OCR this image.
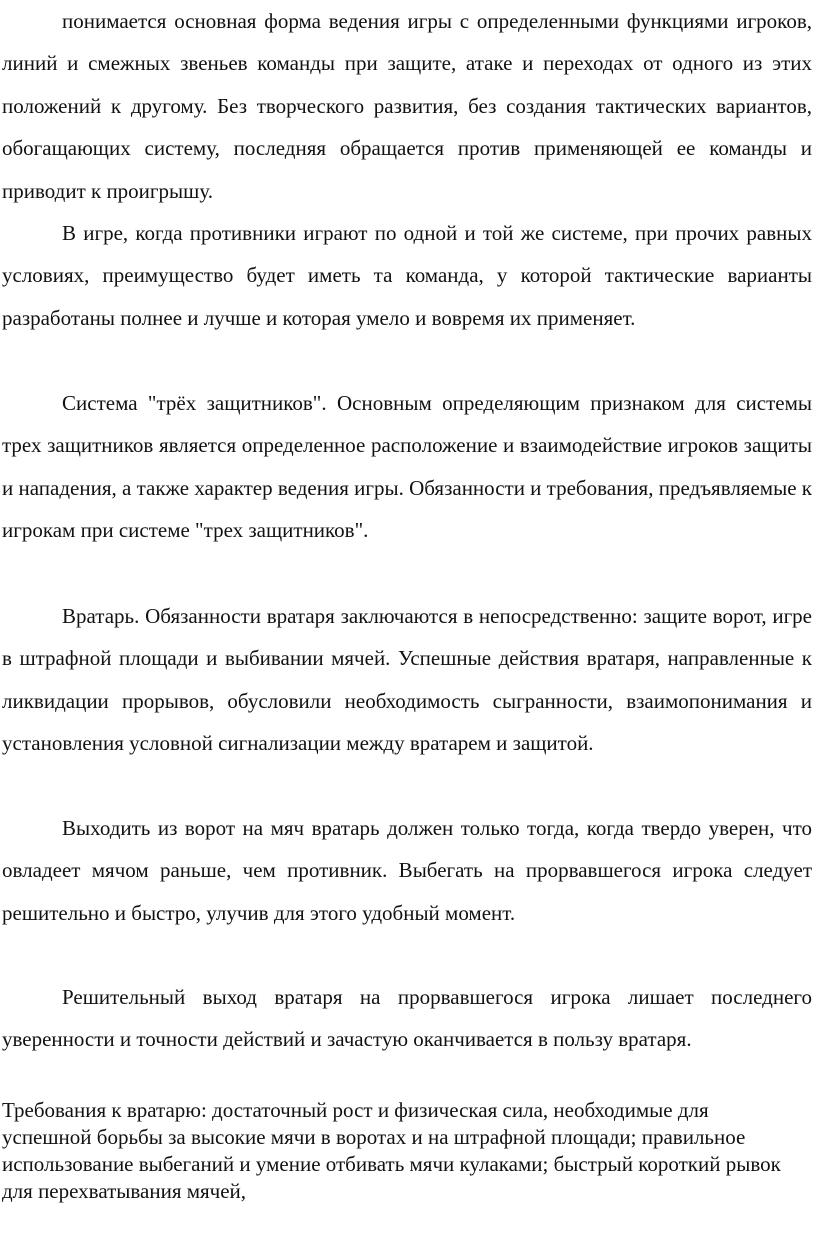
понимается основная форма ведения игры с определенными функциями игроков, линий и смежных звеньев команды при защите, атаке и переходах от одного из этих положений к другому. Без творческого развития, без создания тактических вариантов, обогащающих систему, последняя обращается против применяющей ее команды и приводит к проигрышу.

В игре, когда противники играют по одной и той же системе, при прочих равных условиях, преимущество будет иметь та команда, у которой тактические варианты разработаны полнее и лучше и которая умело и вовремя их применяет.

Система "трёх защитников". Основным определяющим признаком для системы трех защитников является определенное расположение и взаимодействие игроков защиты и нападения, а также характер ведения игры. Обязанности и требования, предъявляемые к игрокам при системе "трех защитников".

Вратарь. Обязанности вратаря заключаются в непосредственно: защите ворот, игре в штрафной площади и выбивании мячей. Успешные действия вратаря, направленные к ликвидации прорывов, обусловили необходимость сыгранности, взаимопонимания и установления условной сигнализации между вратарем и защитой.

Выходить из ворот на мяч вратарь должен только тогда, когда твердо уверен, что овладеет мячом раньше, чем противник. Выбегать на прорвавшегося игрока следует решительно и быстро, улучив для этого удобный момент.

Решительный выход вратаря на прорвавшегося игрока лишает последнего уверенности и точности действий и зачастую оканчивается в пользу вратаря.

Требования к вратарю: достаточный рост и физическая сила, необходимые для успешной борьбы за высокие мячи в воротах и на штрафной площади; правильное использование выбеганий и умение отбивать мячи кулаками; быстрый короткий рывок для перехватывания мячей,
